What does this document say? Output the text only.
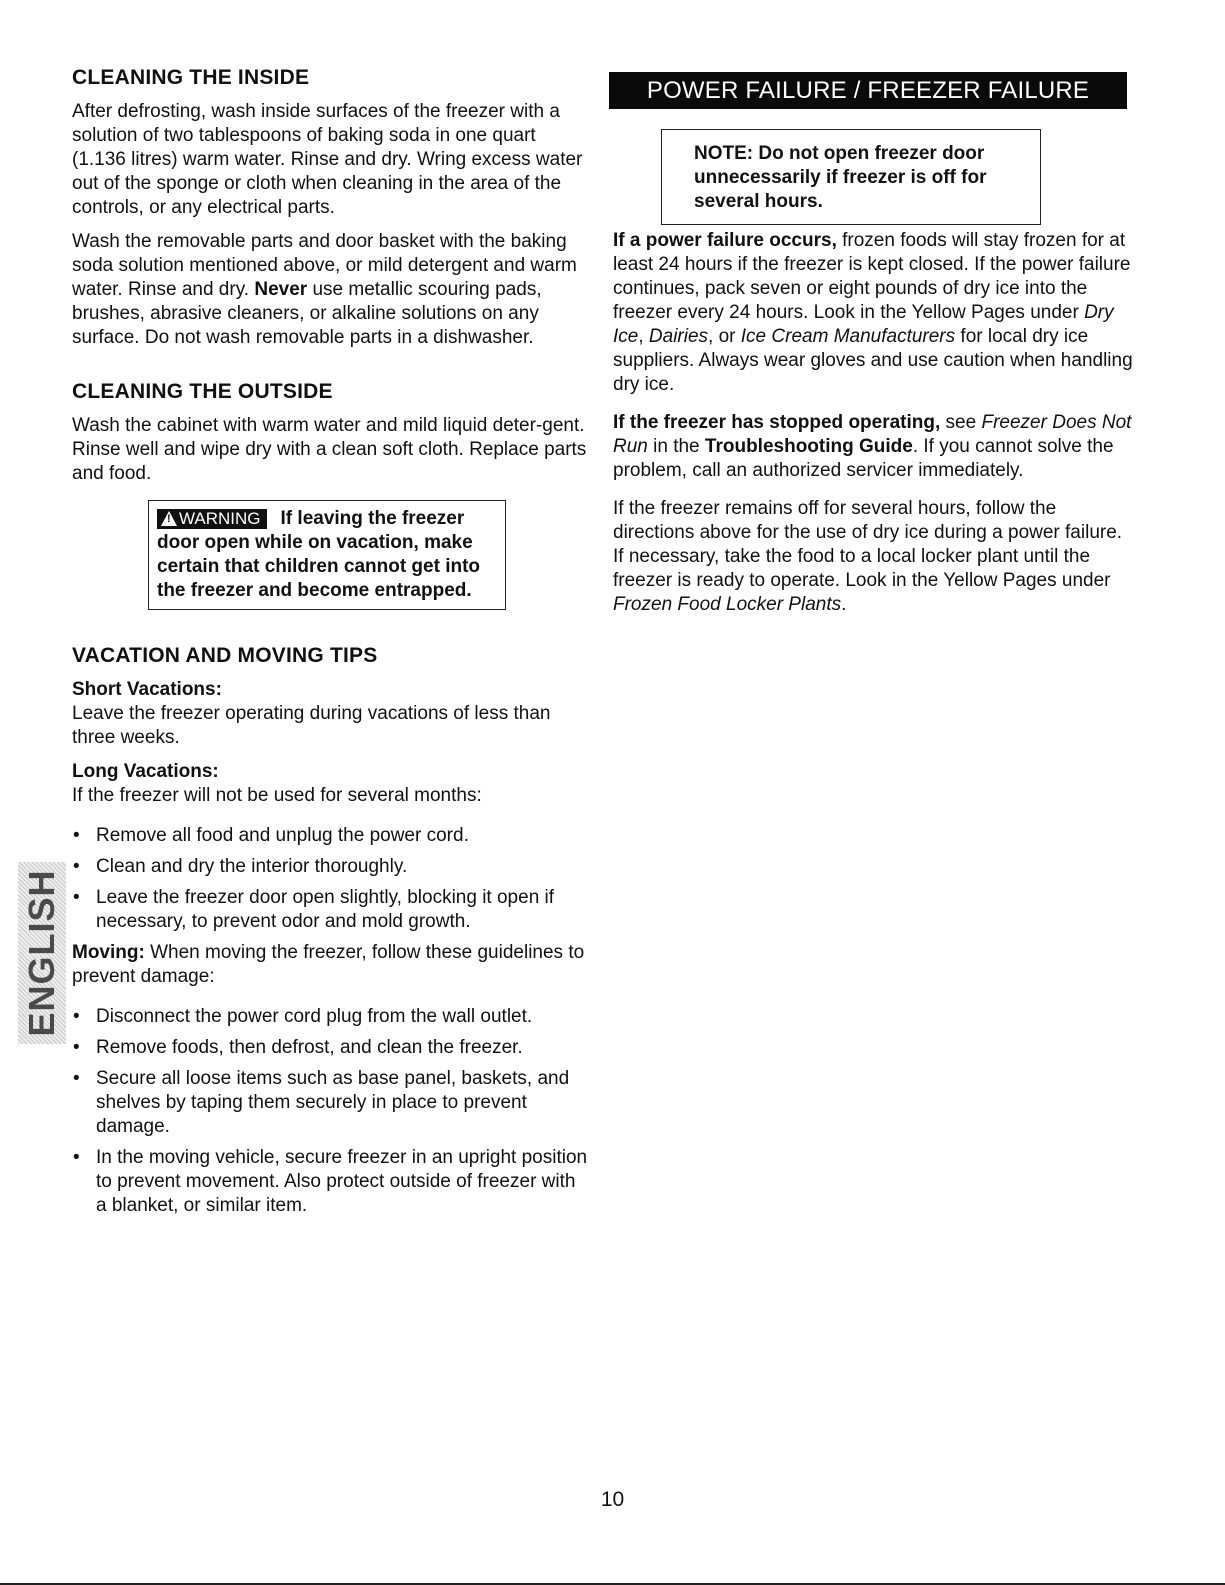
CLEANING THE INSIDE

After defrosting, wash inside surfaces of the freezer with a solution of two tablespoons of baking soda in one quart (1.136 litres) warm water. Rinse and dry. Wring excess water out of the sponge or cloth when cleaning in the area of the controls, or any electrical parts.

Wash the removable parts and door basket with the baking soda solution mentioned above, or mild detergent and warm water. Rinse and dry. Never use metallic scouring pads, brushes, abrasive cleaners, or alkaline solutions on any surface. Do not wash removable parts in a dishwasher.

CLEANING THE OUTSIDE

Wash the cabinet with warm water and mild liquid deter-gent. Rinse well and wipe dry with a clean soft cloth. Replace parts and food.

! WARNING If leaving the freezer door open while on vacation, make certain that children cannot get into the freezer and become entrapped.
VACATION AND MOVING TIPS

Short Vacations:

Leave the freezer operating during vacations of less than three weeks.

Long Vacations:

If the freezer will not be used for several months:

• Remove all food and unplug the power cord.
• Clean and dry the interior thoroughly.
• Leave the freezer door open slightly, blocking it open if necessary, to prevent odor and mold growth.

Moving: When moving the freezer, follow these guidelines to prevent damage:

• Disconnect the power cord plug from the wall outlet.
• Remove foods, then defrost, and clean the freezer.
• Secure all loose items such as base panel, baskets, and shelves by taping them securely in place to prevent damage.
• In the moving vehicle, secure freezer in an upright position to prevent movement. Also protect outside of freezer with a blanket, or similar item.
POWER FAILURE / FREEZER FAILURE
NOTE: Do not open freezer door unnecessarily if freezer is off for several hours.

If a power failure occurs, frozen foods will stay frozen for at least 24 hours if the freezer is kept closed. If the power failure continues, pack seven or eight pounds of dry ice into the freezer every 24 hours. Look in the Yellow Pages under Dry Ice, Dairies, or Ice Cream Manufacturers for local dry ice suppliers. Always wear gloves and use caution when handling dry ice.

If the freezer has stopped operating, see Freezer Does Not Run in the Troubleshooting Guide. If you cannot solve the problem, call an authorized servicer immediately.

If the freezer remains off for several hours, follow the directions above for the use of dry ice during a power failure. If necessary, take the food to a local locker plant until the freezer is ready to operate. Look in the Yellow Pages under Frozen Food Locker Plants.

ENGLISH
10
